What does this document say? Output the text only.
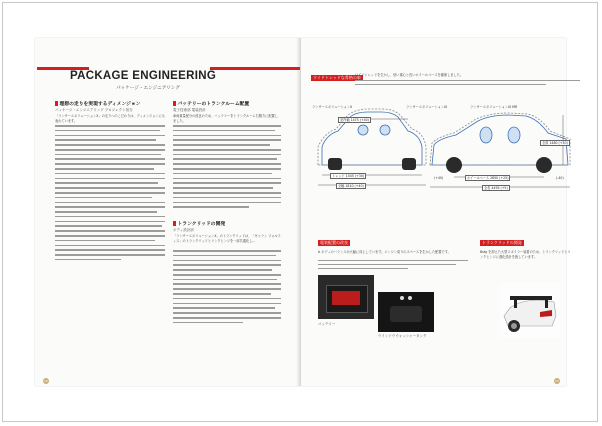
PACKAGE ENGINEERING
パッケージ・エンジニアリング
理想の走りを実現するディメンジョン
パッケージ・エンジニアリング プロジェクト担当
「ランサーエボリューションX」の走りへのこだわりは、ディメンジョンにも表れています。
バッテリーのトランクルーム配置
電子技術部 電装設計
車両重量配分の改良のため、バッテリーをトランクルーム右側方に配置しました。
トランクリッドの開発
ボディ設計部
「ランサーエボリューションX」のトランクリッドは、「ギャラン フォルティス」のトランクリッドとリンクヒンジを一部共通化し...
12
ワイドトレッドな骨格の車
ワイドトレッドを生かし、低い重心と長いホイールベースを確保しました。
ランサーエボリューションX	ランサーエボリューションIX	ランサーエボリューションIX MR
室内幅 1475 (+40)
トレッド 1545 (+30)
全幅 1810 (+40)
全高 1480 (+30)
ホイールベース 2650 (+25)
全長 4495 (+5)
(+40)	(-40)
電装配置の改良
A ボディのバランスが大幅に向上しています。エンジン周りのスペースを生かした配置です。
バッテリー
ウインドウウォッシャータンク
トランクリッドの開発
Bstg を抑えた大型スポイラー装着のため、トランクリッドとリンクヒンジに強化設計を施しています。
13
